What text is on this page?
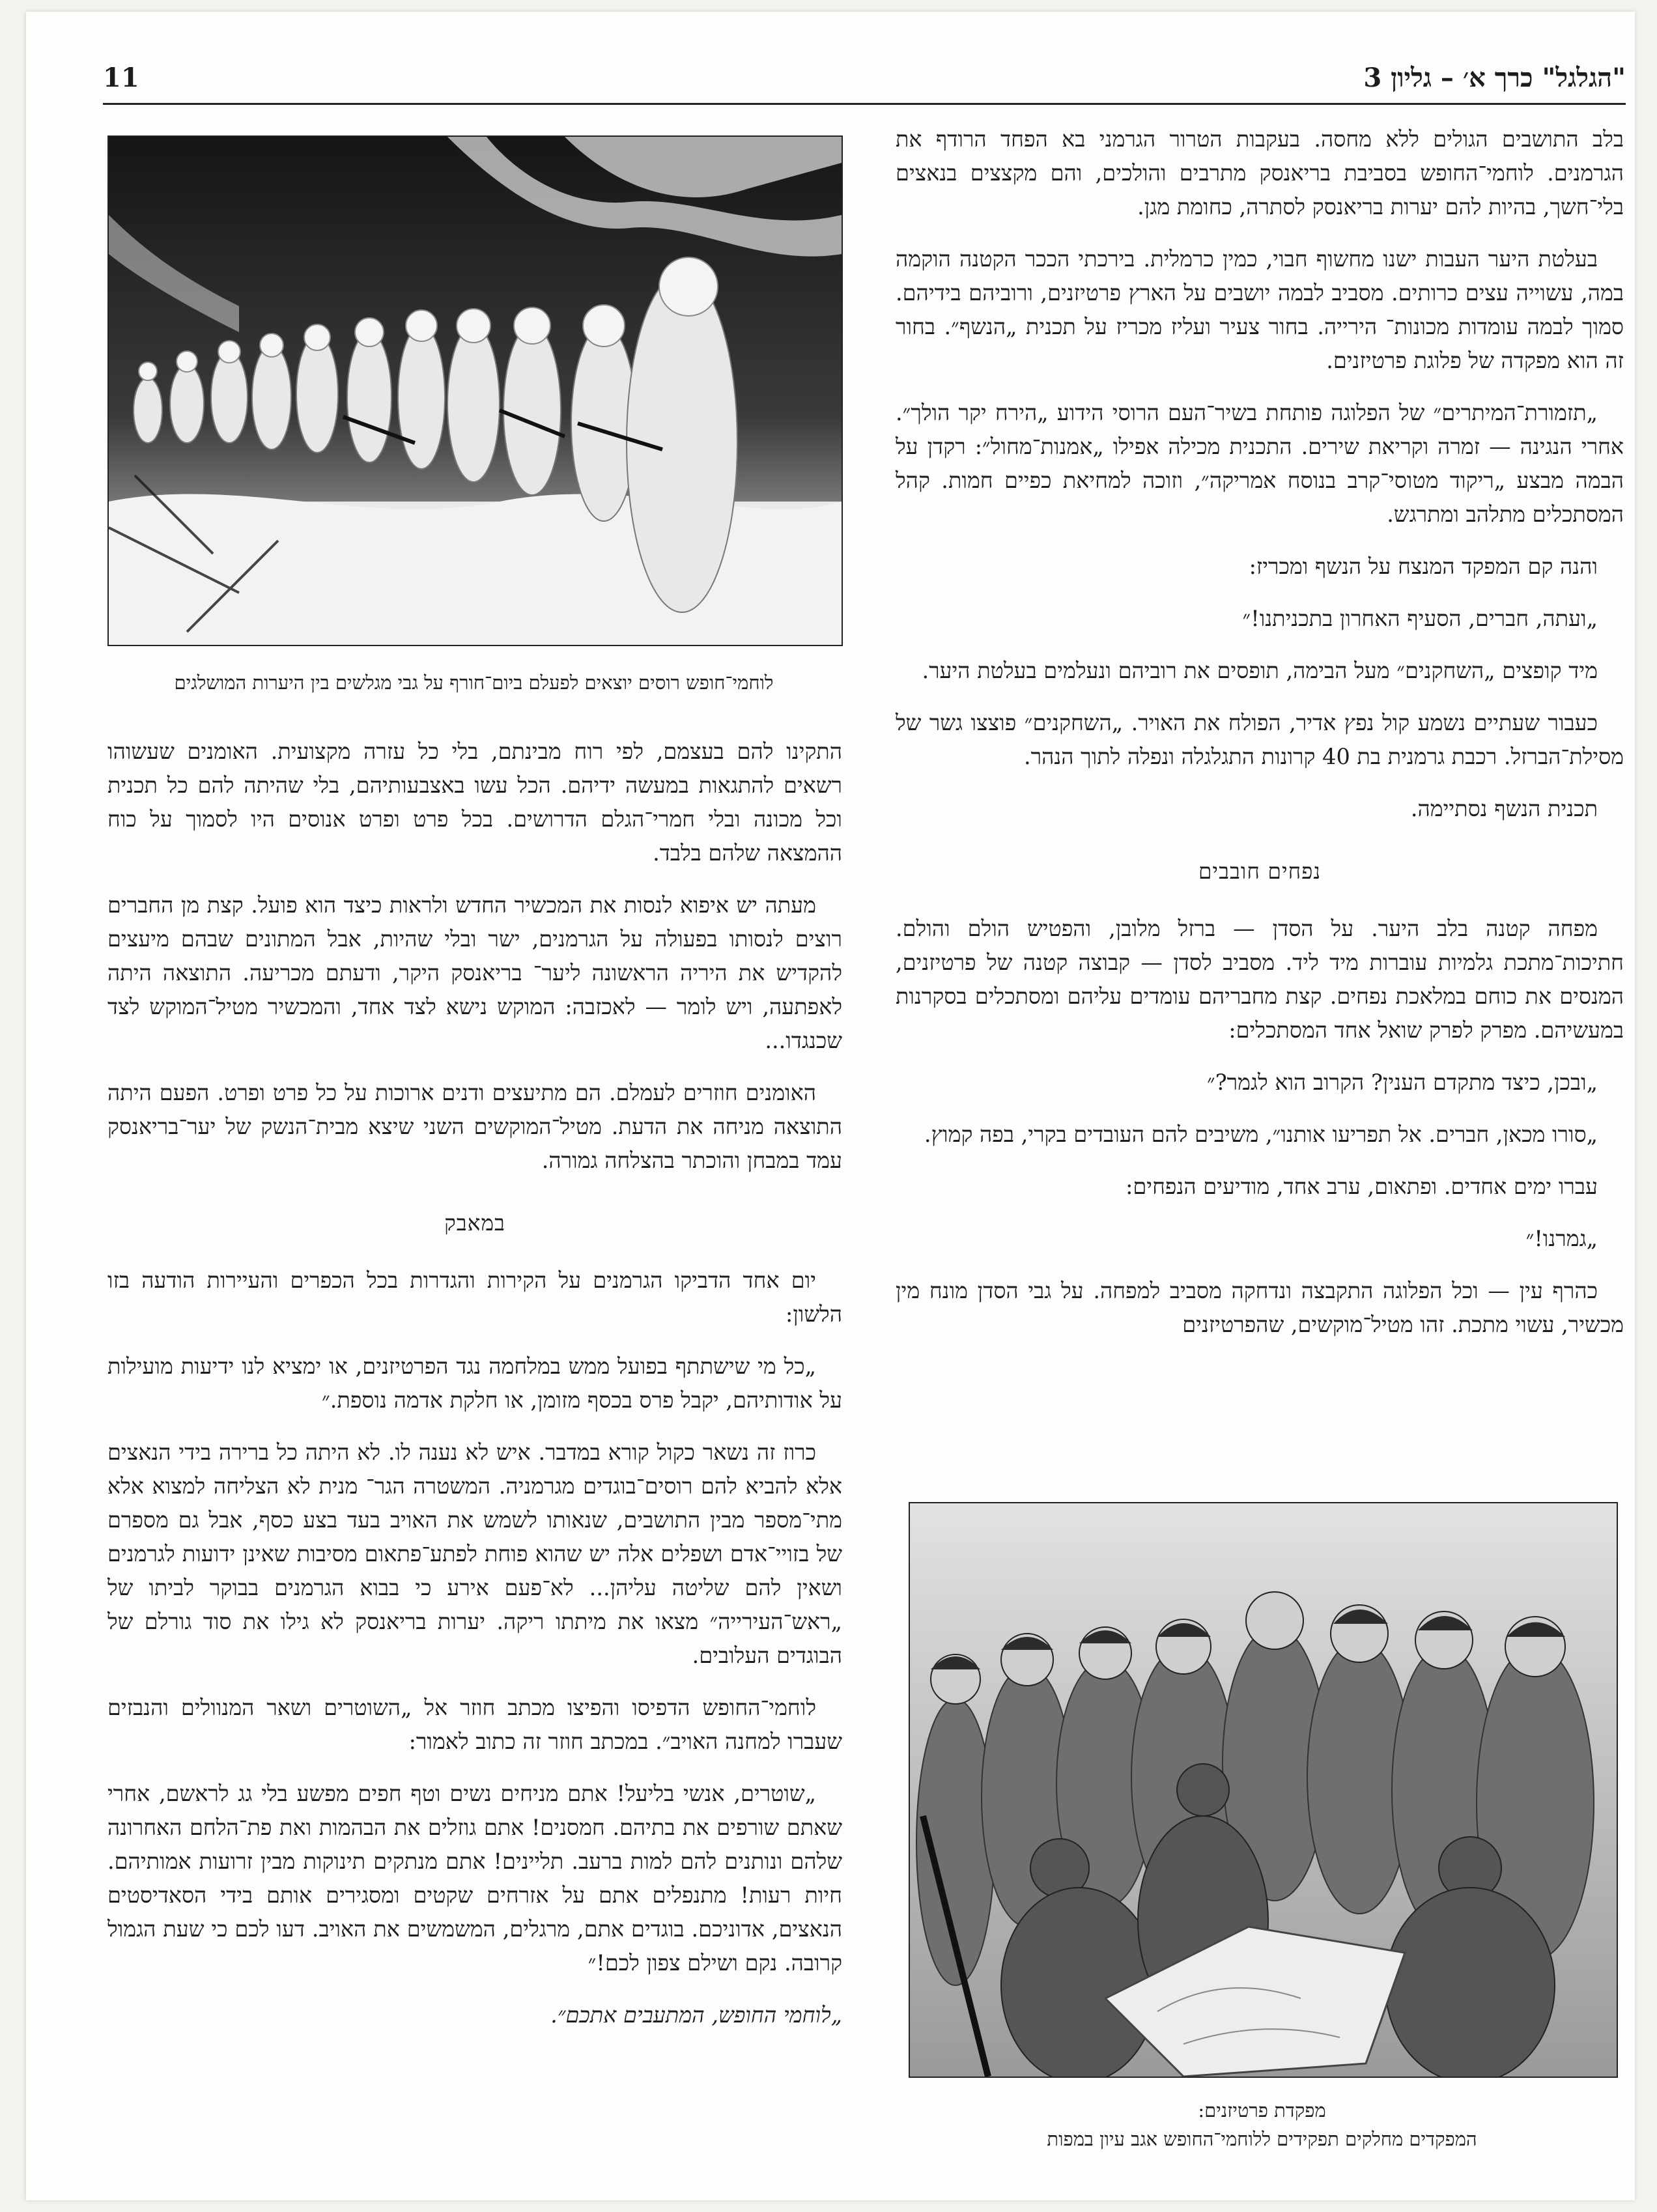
"הגלגל" כרך א׳ – גליון 3
11

בלב התושבים הגולים ללא מחסה. בעקבות הטרור הגרמני בא הפחד הרודף את הגרמנים. לוחמי־החופש בסביבת בריאנסק מתרבים והולכים, והם מקצצים בנאצים בלי־חשך, בהיות להם יערות בריאנסק לסתרה, כחומת מגן.

בעלטת היער העבות ישנו מחשוף חבוי, כמין כרמלית. בירכתי הככר הקטנה הוקמה במה, עשוייה עצים כרותים. מסביב לבמה יושבים על הארץ פרטיזנים, ורוביהם בידיהם. סמוך לבמה עומדות מכונות־ הירייה. בחור צעיר ועליז מכריז על תכנית „הנשף״. בחור זה הוא מפקדה של פלוגת פרטיזנים.

„תזמורת־המיתרים״ של הפלוגה פותחת בשיר־העם הרוסי הידוע „הירח יקר הולך״. אחרי הנגינה — זמרה וקריאת שירים. התכנית מכילה אפילו „אמנות־מחול״: רקדן על הבמה מבצע „ריקוד מטוסי־קרב בנוסח אמריקה״, וזוכה למחיאת כפיים חמות. קהל המסתכלים מתלהב ומתרגש.

והנה קם המפקד המנצח על הנשף ומכריז:

„ועתה, חברים, הסעיף האחרון בתכניתנו!״

מיד קופצים „השחקנים״ מעל הבימה, תופסים את רוביהם ונעלמים בעלטת היער.

כעבור שעתיים נשמע קול נפץ אדיר, הפולח את האויר. „השחקנים״ פוצצו גשר של מסילת־הברזל. רכבת גרמנית בת 40 קרונות התגלגלה ונפלה לתוך הנהר.

תכנית הנשף נסתיימה.

נפחים חובבים

מפחה קטנה בלב היער. על הסדן — ברזל מלובן, והפטיש הולם והולם. חתיכות־מתכת גלמיות עוברות מיד ליד. מסביב לסדן — קבוצה קטנה של פרטיזנים, המנסים את כוחם במלאכת נפחים. קצת מחבריהם עומדים עליהם ומסתכלים בסקרנות במעשיהם. מפרק לפרק שואל אחד המסתכלים:

„ובכן, כיצד מתקדם הענין? הקרוב הוא לגמר?״

„סורו מכאן, חברים. אל תפריעו אותנו״, משיבים להם העובדים בקרי, בפה קמוץ.

עברו ימים אחדים. ופתאום, ערב אחד, מודיעים הנפחים:

„גמרנו!״

כהרף עין — וכל הפלוגה התקבצה ונדחקה מסביב למפחה. על גבי הסדן מונח מין מכשיר, עשוי מתכת. זהו מטיל־מוקשים, שהפרטיזנים

לוחמי־חופש רוסים יוצאים לפעלם ביום־חורף על גבי מגלשים בין היערות המושלגים

התקינו להם בעצמם, לפי רוח מבינתם, בלי כל עזרה מקצועית. האומנים שעשוהו רשאים להתגאות במעשה ידיהם. הכל עשו באצבעותיהם, בלי שהיתה להם כל תכנית וכל מכונה ובלי חמרי־הגלם הדרושים. בכל פרט ופרט אנוסים היו לסמוך על כוח ההמצאה שלהם בלבד.

מעתה יש איפוא לנסות את המכשיר החדש ולראות כיצד הוא פועל. קצת מן החברים רוצים לנסותו בפעולה על הגרמנים, ישר ובלי שהיות, אבל המתונים שבהם מיעצים להקדיש את היריה הראשונה ליער־ בריאנסק היקר, ודעתם מכריעה. התוצאה היתה לאפתעה, ויש לומר — לאכזבה: המוקש נישא לצד אחד, והמכשיר מטיל־המוקש לצד שכנגדו...

האומנים חוזרים לעמלם. הם מתיעצים ודנים ארוכות על כל פרט ופרט. הפעם היתה התוצאה מניחה את הדעת. מטיל־המוקשים השני שיצא מבית־הנשק של יער־בריאנסק עמד במבחן והוכתר בהצלחה גמורה.

במאבק

יום אחד הדביקו הגרמנים על הקירות והגדרות בכל הכפרים והעיירות הודעה בזו הלשון:

„כל מי שישתתף בפועל ממש במלחמה נגד הפרטיזנים, או ימציא לנו ידיעות מועילות על אודותיהם, יקבל פרס בכסף מזומן, או חלקת אדמה נוספת.״

כרוז זה נשאר כקול קורא במדבר. איש לא נענה לו. לא היתה כל ברירה בידי הנאצים אלא להביא להם רוסים־בוגדים מגרמניה. המשטרה הגר־ מנית לא הצליחה למצוא אלא מתי־מספר מבין התושבים, שנאותו לשמש את האויב בעד בצע כסף, אבל גם מספרם של בזויי־אדם ושפלים אלה יש שהוא פוחת לפתע־פתאום מסיבות שאינן ידועות לגרמנים ושאין להם שליטה עליהן... לא־פעם אירע כי בבוא הגרמנים בבוקר לביתו של „ראש־העירייה״ מצאו את מיתתו ריקה. יערות בריאנסק לא גילו את סוד גורלם של הבוגדים העלובים.

לוחמי־החופש הדפיסו והפיצו מכתב חוזר אל „השוטרים ושאר המנוולים והנבזים שעברו למחנה האויב״. במכתב חוזר זה כתוב לאמור:

„שוטרים, אנשי בליעל! אתם מניחים נשים וטף חפים מפשע בלי גג לראשם, אחרי שאתם שורפים את בתיהם. חמסנים! אתם גוזלים את הבהמות ואת פת־הלחם האחרונה שלהם ונותנים להם למות ברעב. תליינים! אתם מנתקים תינוקות מבין זרועות אמותיהם. חיות רעות! מתנפלים אתם על אזרחים שקטים ומסגירים אותם בידי הסאדיסטים הנאצים, אדוניכם. בוגדים אתם, מרגלים, המשמשים את האויב. דעו לכם כי שעת הגמול קרובה. נקם ושילם צפון לכם!״

„לוחמי החופש, המתעבים אתכם״.

מפקדת פרטיזנים:
המפקדים מחלקים תפקידים ללוחמי־החופש אגב עיון במפות
